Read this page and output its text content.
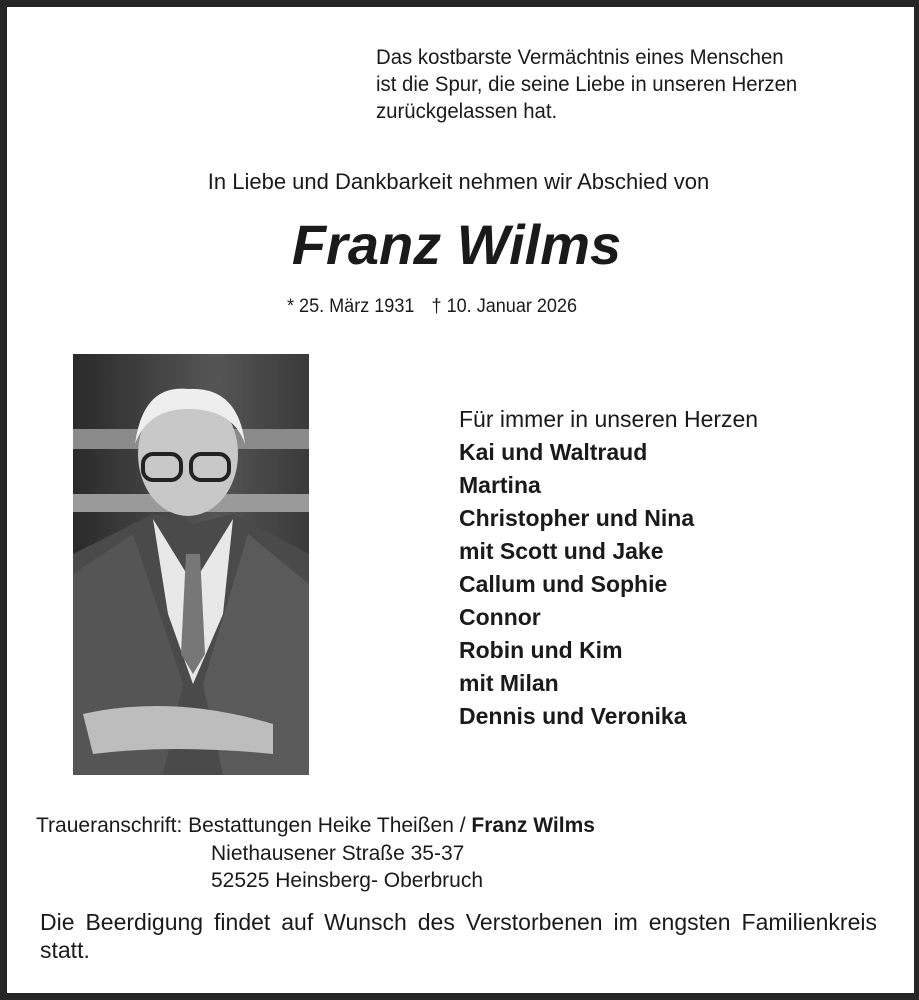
Das kostbarste Vermächtnis eines Menschen
ist die Spur, die seine Liebe in unseren Herzen
zurückgelassen hat.
In Liebe und Dankbarkeit nehmen wir Abschied von
Franz Wilms
* 25. März 1931 † 10. Januar 2026
Für immer in unseren Herzen
Kai und Waltraud
Martina
Christopher und Nina
mit Scott und Jake
Callum und Sophie
Connor
Robin und Kim
mit Milan
Dennis und Veronika
Traueranschrift: Bestattungen Heike Theißen / Franz Wilms
Niethausener Straße 35-37
52525 Heinsberg- Oberbruch
Die Beerdigung findet auf Wunsch des Verstorbenen im engsten Familienkreis statt.
